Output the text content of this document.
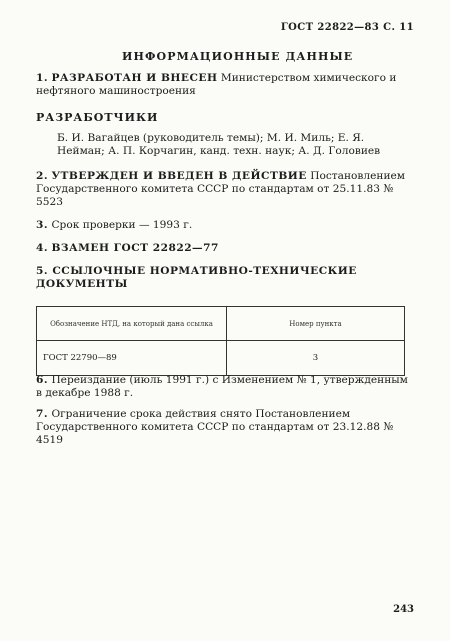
ГОСТ 22822—83 С. 11
ИНФОРМАЦИОННЫЕ ДАННЫЕ
1. РАЗРАБОТАН И ВНЕСЕН Министерством химического и нефтяного машиностроения
РАЗРАБОТЧИКИ
Б. И. Вагайцев (руководитель темы); М. И. Миль; Е. Я. Нейман; А. П. Корчагин, канд. техн. наук; А. Д. Головиев
2. УТВЕРЖДЕН И ВВЕДЕН В ДЕЙСТВИЕ Постановлением Государственного комитета СССР по стандартам от 25.11.83 № 5523
3. Срок проверки — 1993 г.
4. ВЗАМЕН ГОСТ 22822—77
5. ССЫЛОЧНЫЕ НОРМАТИВНО-ТЕХНИЧЕСКИЕ ДОКУМЕНТЫ
Обозначение НТД, на который дана ссылка	Номер пункта
ГОСТ 22790—89	3
6. Переиздание (июль 1991 г.) с Изменением № 1, утвержденным в декабре 1988 г.
7. Ограничение срока действия снято Постановлением Государственного комитета СССР по стандартам от 23.12.88 № 4519
243
